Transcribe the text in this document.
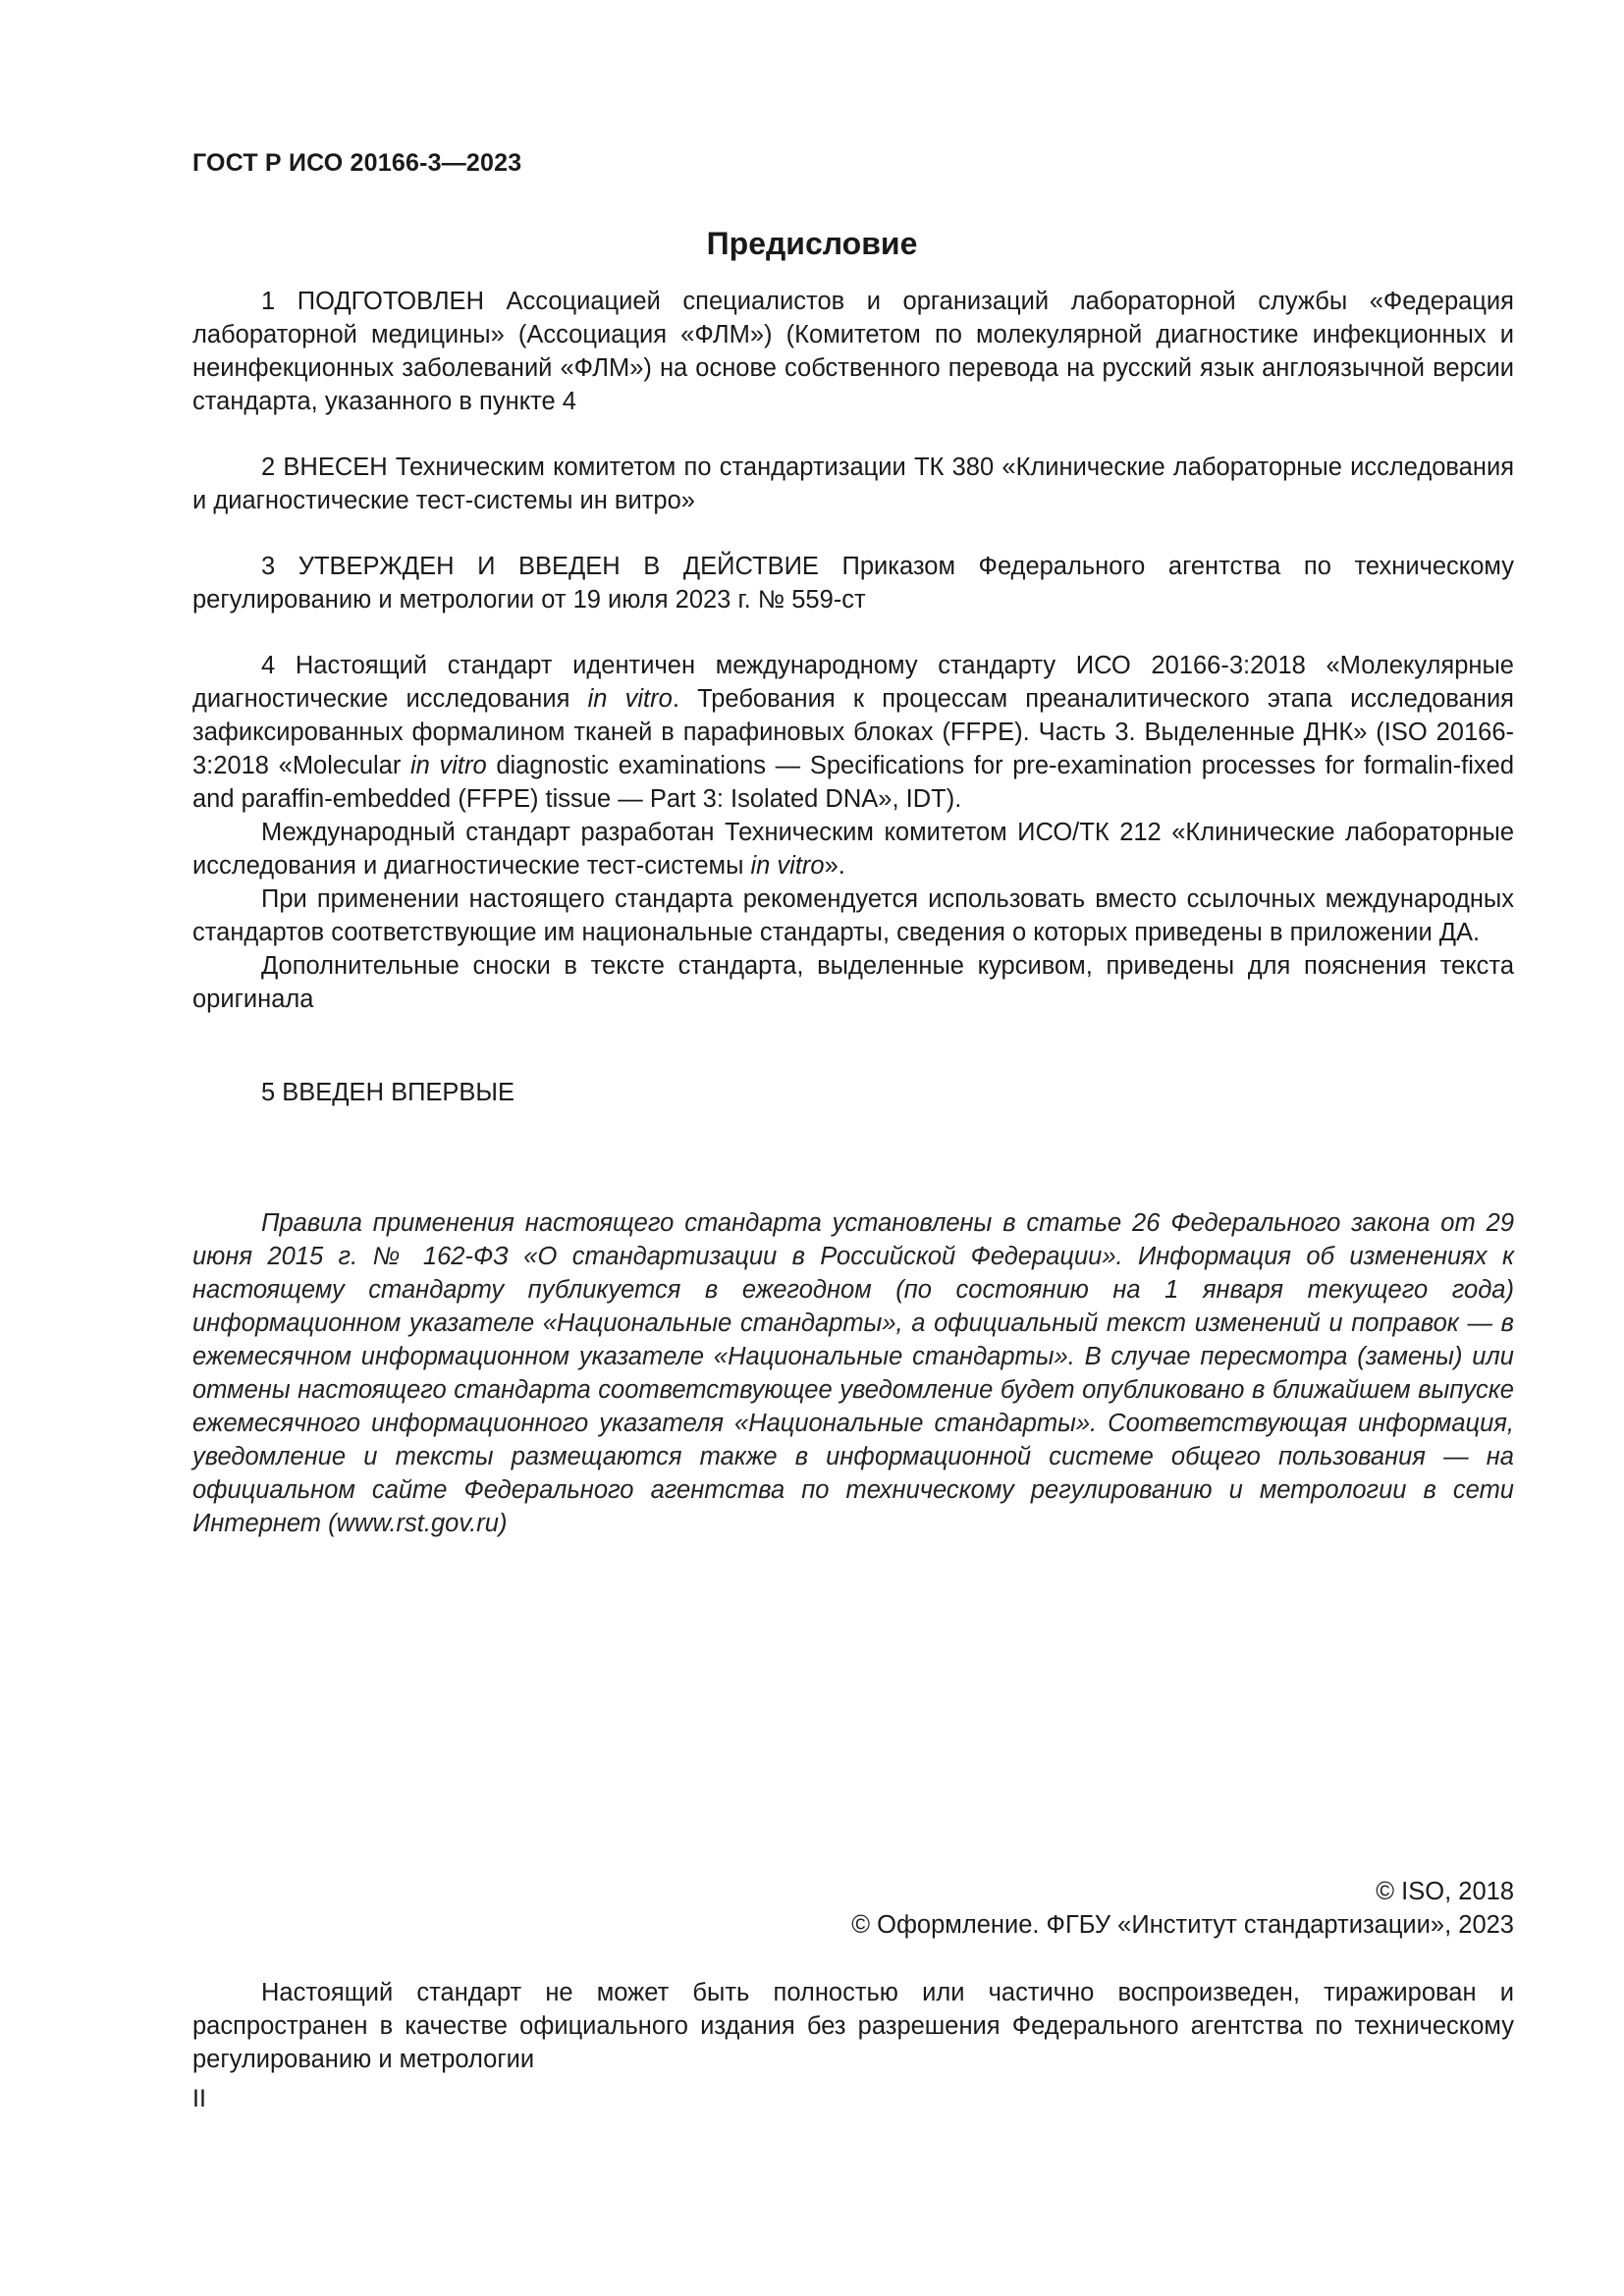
ГОСТ Р ИСО 20166-3—2023
Предисловие

1 ПОДГОТОВЛЕН Ассоциацией специалистов и организаций лабораторной службы «Федерация лабораторной медицины» (Ассоциация «ФЛМ») (Комитетом по молекулярной диагностике инфекционных и неинфекционных заболеваний «ФЛМ») на основе собственного перевода на русский язык англоязычной версии стандарта, указанного в пункте 4

2 ВНЕСЕН Техническим комитетом по стандартизации ТК 380 «Клинические лабораторные исследования и диагностические тест-системы ин витро»

3 УТВЕРЖДЕН И ВВЕДЕН В ДЕЙСТВИЕ Приказом Федерального агентства по техническому регулированию и метрологии от 19 июля 2023 г. № 559-ст

4 Настоящий стандарт идентичен международному стандарту ИСО 20166-3:2018 «Молекулярные диагностические исследования in vitro. Требования к процессам преаналитического этапа исследования зафиксированных формалином тканей в парафиновых блоках (FFPE). Часть 3. Выделенные ДНК» (ISO 20166-3:2018 «Molecular in vitro diagnostic examinations — Specifications for pre-examination processes for formalin-fixed and paraffin-embedded (FFPE) tissue — Part 3: Isolated DNA», IDT).

Международный стандарт разработан Техническим комитетом ИСО/ТК 212 «Клинические лабораторные исследования и диагностические тест-системы in vitro».

При применении настоящего стандарта рекомендуется использовать вместо ссылочных международных стандартов соответствующие им национальные стандарты, сведения о которых приведены в приложении ДА.

Дополнительные сноски в тексте стандарта, выделенные курсивом, приведены для пояснения текста оригинала

5 ВВЕДЕН ВПЕРВЫЕ

Правила применения настоящего стандарта установлены в статье 26 Федерального закона от 29 июня 2015 г. № 162-ФЗ «О стандартизации в Российской Федерации». Информация об изменениях к настоящему стандарту публикуется в ежегодном (по состоянию на 1 января текущего года) информационном указателе «Национальные стандарты», а официальный текст изменений и поправок — в ежемесячном информационном указателе «Национальные стандарты». В случае пересмотра (замены) или отмены настоящего стандарта соответствующее уведомление будет опубликовано в ближайшем выпуске ежемесячного информационного указателя «Национальные стандарты». Соответствующая информация, уведомление и тексты размещаются также в информационной системе общего пользования — на официальном сайте Федерального агентства по техническому регулированию и метрологии в сети Интернет (www.rst.gov.ru)
© ISO, 2018
© Оформление. ФГБУ «Институт стандартизации», 2023
Настоящий стандарт не может быть полностью или частично воспроизведен, тиражирован и распространен в качестве официального издания без разрешения Федерального агентства по техническому регулированию и метрологии
II
